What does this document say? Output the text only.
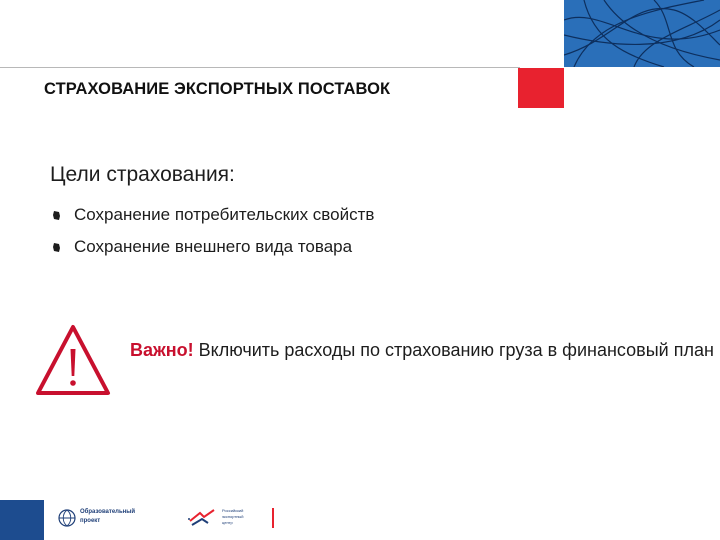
СТРАХОВАНИЕ ЭКСПОРТНЫХ ПОСТАВОК
Цели страхования:
Сохранение потребительских свойств
Сохранение внешнего вида товара
Важно! Включить расходы по страхованию груза в финансовый план
Образовательный
проект
Российский
экспортный
центр
